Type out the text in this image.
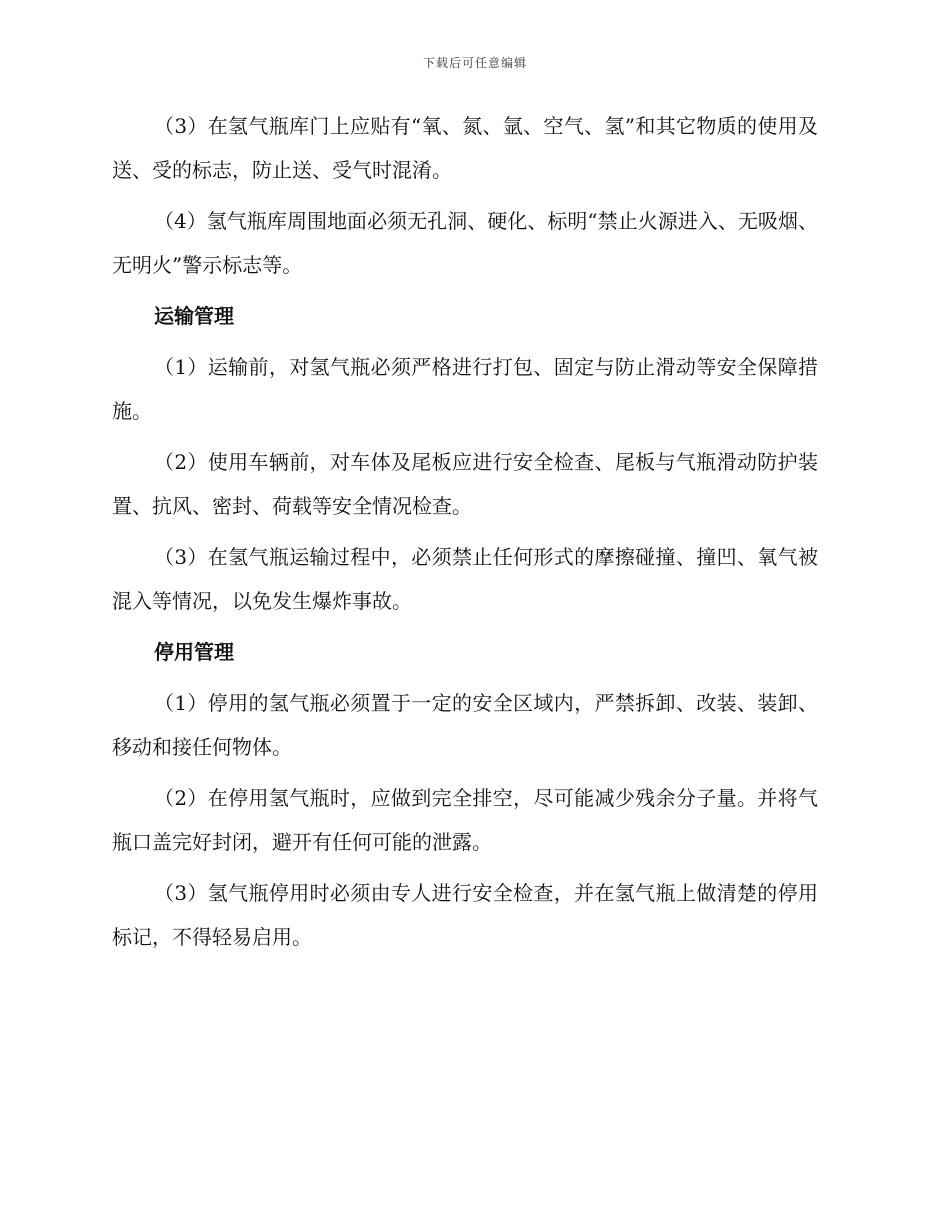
下载后可任意编辑

（3）在氢气瓶库门上应贴有“氧、氮、氩、空气、氢”和其它物质的使用及送、受的标志，防止送、受气时混淆。

（4）氢气瓶库周围地面必须无孔洞、硬化、标明“禁止火源进入、无吸烟、无明火”警示标志等。

运输管理

（1）运输前，对氢气瓶必须严格进行打包、固定与防止滑动等安全保障措施。

（2）使用车辆前，对车体及尾板应进行安全检查、尾板与气瓶滑动防护装置、抗风、密封、荷载等安全情况检查。

（3）在氢气瓶运输过程中，必须禁止任何形式的摩擦碰撞、撞凹、氧气被混入等情况，以免发生爆炸事故。

停用管理

（1）停用的氢气瓶必须置于一定的安全区域内，严禁拆卸、改装、装卸、移动和接任何物体。

（2）在停用氢气瓶时，应做到完全排空，尽可能减少残余分子量。并将气瓶口盖完好封闭，避开有任何可能的泄露。

（3）氢气瓶停用时必须由专人进行安全检查，并在氢气瓶上做清楚的停用标记，不得轻易启用。
